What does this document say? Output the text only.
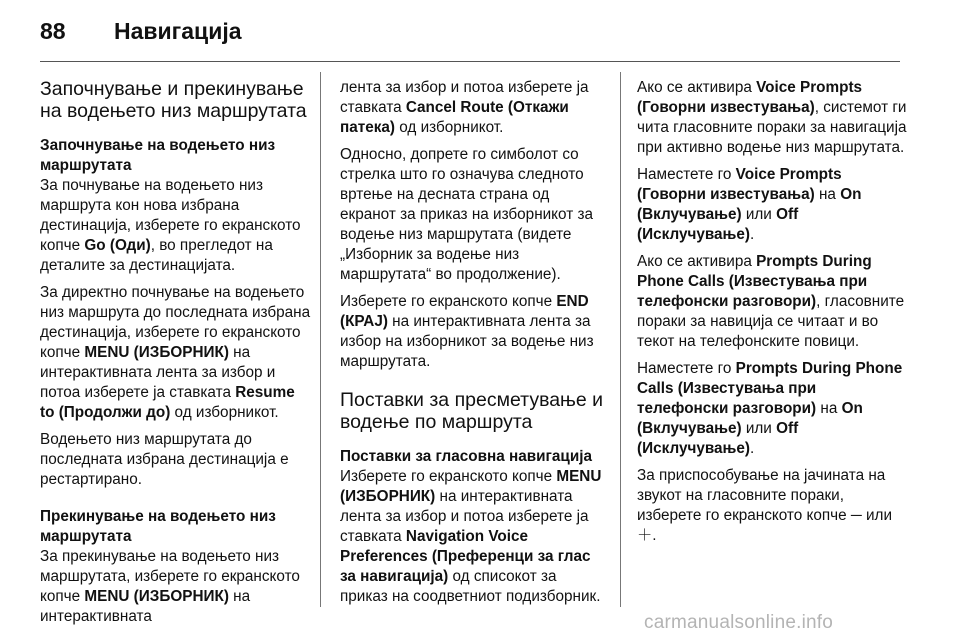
88 Навигација
Започнување и прекинување на водењето низ маршрутата
Започнување на водењето низ маршрутата

За почнување на водењето низ маршрута кон нова избрана дестинација, изберете го екранското копче Go (Оди), во прегледот на деталите за дестинацијата.

За директно почнување на водењето низ маршрута до последната избрана дестинација, изберете го екранското копче MENU (ИЗБОРНИК) на интерактивната лента за избор и потоа изберете ја ставката Resume to (Продолжи до) од изборникот.

Водењето низ маршрутата до последната избрана дестинација е рестартирано.

Прекинување на водењето низ маршрутата

За прекинување на водењето низ маршрутата, изберете го екранското копче MENU (ИЗБОРНИК) на интерактивната

лента за избор и потоа изберете ја ставката Cancel Route (Откажи патека) од изборникот.

Односно, допрете го симболот со стрелка што го означува следното вртење на десната страна од екранот за приказ на изборникот за водење низ маршрутата (видете „Изборник за водење низ маршрутата“ во продолжение).

Изберете го екранското копче END (КРАЈ) на интерактивната лента за избор на изборникот за водење низ маршрутата.

Поставки за пресметување и водење по маршрута
Поставки за гласовна навигација

Изберете го екранското копче MENU (ИЗБОРНИК) на интерактивната лента за избор и потоа изберете ја ставката Navigation Voice Preferences (Преференци за глас за навигација) од списокот за приказ на соодветниот подизборник.

Ако се активира Voice Prompts (Говорни известувања), системот ги чита гласовните пораки за навигација при активно водење низ маршрутата.

Наместете го Voice Prompts (Говорни известувања) на On (Вклучување) или Off (Исклучување).

Ако се активира Prompts During Phone Calls (Известувања при телефонски разговори), гласовните пораки за навиција се читаат и во текот на телефонските повици.

Наместете го Prompts During Phone Calls (Известувања при телефонски разговори) на On (Вклучување) или Off (Исклучување).

За приспособување на јачината на звукот на гласовните пораки, изберете го екранското копче ─ или ＋.

carmanualsonline.info
